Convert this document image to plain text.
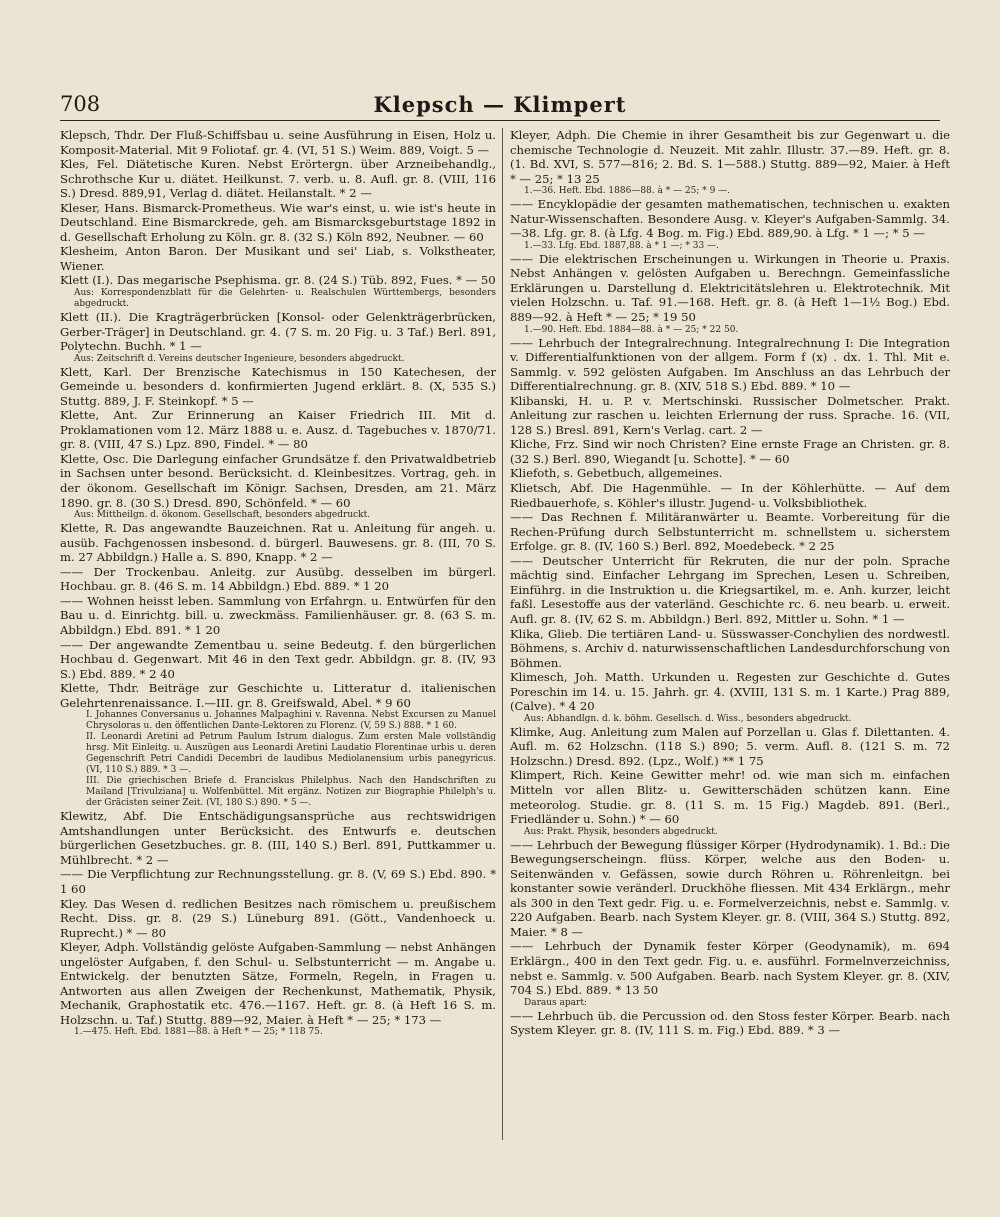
708	Klepsch — Klimpert

Klepsch, Thdr. Der Fluß-Schiffsbau u. seine Ausführung in Eisen, Holz u. Komposit-Material. Mit 9 Foliotaf. gr. 4. (VI, 51 S.) Weim. 889, Voigt. 5 —

Kles, Fel. Diätetische Kuren. Nebst Erörtergn. über Arzneibehandlg., Schrothsche Kur u. diätet. Heilkunst. 7. verb. u. 8. Aufl. gr. 8. (VIII, 116 S.) Dresd. 889,91, Verlag d. diätet. Heilanstalt. * 2 —

Kleser, Hans. Bismarck-Prometheus. Wie war's einst, u. wie ist's heute in Deutschland. Eine Bismarckrede, geh. am Bismarcksgeburtstage 1892 in d. Gesellschaft Erholung zu Köln. gr. 8. (32 S.) Köln 892, Neubner. — 60

Klesheim, Anton Baron. Der Musikant und sei' Liab, s. Volkstheater, Wiener.

Klett (I.). Das megarische Psephisma. gr. 8. (24 S.) Tüb. 892, Fues. * — 50

Aus: Korrespondenzblatt für die Gelehrten- u. Realschulen Württembergs, besonders abgedruckt.

Klett (II.). Die Kragträgerbrücken [Konsol- oder Gelenkträgerbrücken, Gerber-Träger] in Deutschland. gr. 4. (7 S. m. 20 Fig. u. 3 Taf.) Berl. 891, Polytechn. Buchh. * 1 —

Aus: Zeitschrift d. Vereins deutscher Ingenieure, besonders abgedruckt.

Klett, Karl. Der Brenzische Katechismus in 150 Katechesen, der Gemeinde u. besonders d. konfirmierten Jugend erklärt. 8. (X, 535 S.) Stuttg. 889, J. F. Steinkopf. * 5 —

Klette, Ant. Zur Erinnerung an Kaiser Friedrich III. Mit d. Proklamationen vom 12. März 1888 u. e. Ausz. d. Tagebuches v. 1870/71. gr. 8. (VIII, 47 S.) Lpz. 890, Findel. * — 80

Klette, Osc. Die Darlegung einfacher Grundsätze f. den Privatwaldbetrieb in Sachsen unter besond. Berücksicht. d. Kleinbesitzes. Vortrag, geh. in der ökonom. Gesellschaft im Königr. Sachsen, Dresden, am 21. März 1890. gr. 8. (30 S.) Dresd. 890, Schönfeld. * — 60

Aus: Mittheilgn. d. ökonom. Gesellschaft, besonders abgedruckt.

Klette, R. Das angewandte Bauzeichnen. Rat u. Anleitung für angeh. u. ausüb. Fachgenossen insbesond. d. bürgerl. Bauwesens. gr. 8. (III, 70 S. m. 27 Abbildgn.) Halle a. S. 890, Knapp. * 2 —

—— Der Trockenbau. Anleitg. zur Ausübg. desselben im bürgerl. Hochbau. gr. 8. (46 S. m. 14 Abbildgn.) Ebd. 889. * 1 20

—— Wohnen heisst leben. Sammlung von Erfahrgn. u. Entwürfen für den Bau u. d. Einrichtg. bill. u. zweckmäss. Familienhäuser. gr. 8. (63 S. m. Abbildgn.) Ebd. 891. * 1 20

—— Der angewandte Zementbau u. seine Bedeutg. f. den bürgerlichen Hochbau d. Gegenwart. Mit 46 in den Text gedr. Abbildgn. gr. 8. (IV, 93 S.) Ebd. 889. * 2 40

Klette, Thdr. Beiträge zur Geschichte u. Litteratur d. italienischen Gelehrtenrenaissance. I.—III. gr. 8. Greifswald, Abel. * 9 60

I. Johannes Conversanus u. Johannes Malpaghini v. Ravenna. Nebst Excursen zu Manuel Chrysoloras u. den öffentlichen Dante-Lektoren zu Florenz. (V, 59 S.) 888. * 1 60.

II. Leonardi Aretini ad Petrum Paulum Istrum dialogus. Zum ersten Male vollständig hrsg. Mit Einleitg. u. Auszügen aus Leonardi Aretini Laudatio Florentinae urbis u. deren Gegenschrift Petri Candidi Decembri de laudibus Mediolanensium urbis panegyricus. (VI, 110 S.) 889. * 3 —.

III. Die griechischen Briefe d. Franciskus Philelphus. Nach den Handschriften zu Mailand [Trivulziana] u. Wolfenbüttel. Mit ergänz. Notizen zur Biographie Philelph's u. der Gräcisten seiner Zeit. (VI, 180 S.) 890. * 5 —.

Klewitz, Abf. Die Entschädigungsansprüche aus rechtswidrigen Amtshandlungen unter Berücksicht. des Entwurfs e. deutschen bürgerlichen Gesetzbuches. gr. 8. (III, 140 S.) Berl. 891, Puttkammer u. Mühlbrecht. * 2 —

—— Die Verpflichtung zur Rechnungsstellung. gr. 8. (V, 69 S.) Ebd. 890. * 1 60

Kley. Das Wesen d. redlichen Besitzes nach römischem u. preußischem Recht. Diss. gr. 8. (29 S.) Lüneburg 891. (Gött., Vandenhoeck u. Ruprecht.) * — 80

Kleyer, Adph. Vollständig gelöste Aufgaben-Sammlung — nebst Anhängen ungelöster Aufgaben, f. den Schul- u. Selbstunterricht — m. Angabe u. Entwickelg. der benutzten Sätze, Formeln, Regeln, in Fragen u. Antworten aus allen Zweigen der Rechenkunst, Mathematik, Physik, Mechanik, Graphostatik etc. 476.—1167. Heft. gr. 8. (à Heft 16 S. m. Holzschn. u. Taf.) Stuttg. 889—92, Maier. à Heft * — 25; * 173 —

1.—475. Heft. Ebd. 1881—88. à Heft * — 25; * 118 75.

Kleyer, Adph. Die Chemie in ihrer Gesamtheit bis zur Gegenwart u. die chemische Technologie d. Neuzeit. Mit zahlr. Illustr. 37.—89. Heft. gr. 8. (1. Bd. XVI, S. 577—816; 2. Bd. S. 1—588.) Stuttg. 889—92, Maier. à Heft * — 25; * 13 25

1.—36. Heft. Ebd. 1886—88. à * — 25; * 9 —.

—— Encyklopädie der gesamten mathematischen, technischen u. exakten Natur-Wissenschaften. Besondere Ausg. v. Kleyer's Aufgaben-Sammlg. 34.—38. Lfg. gr. 8. (à Lfg. 4 Bog. m. Fig.) Ebd. 889,90. à Lfg. * 1 —; * 5 —

1.—33. Lfg. Ebd. 1887,88. à * 1 —; * 33 —.

—— Die elektrischen Erscheinungen u. Wirkungen in Theorie u. Praxis. Nebst Anhängen v. gelösten Aufgaben u. Berechngn. Gemeinfassliche Erklärungen u. Darstellung d. Elektricitätslehren u. Elektrotechnik. Mit vielen Holzschn. u. Taf. 91.—168. Heft. gr. 8. (à Heft 1—1½ Bog.) Ebd. 889—92. à Heft * — 25; * 19 50

1.—90. Heft. Ebd. 1884—88. à * — 25; * 22 50.

—— Lehrbuch der Integralrechnung. Integralrechnung I: Die Integration v. Differentialfunktionen von der allgem. Form f (x) . dx. 1. Thl. Mit e. Sammlg. v. 592 gelösten Aufgaben. Im Anschluss an das Lehrbuch der Differentialrechnung. gr. 8. (XIV, 518 S.) Ebd. 889. * 10 —

Klibanski, H. u. P. v. Mertschinski. Russischer Dolmetscher. Prakt. Anleitung zur raschen u. leichten Erlernung der russ. Sprache. 16. (VII, 128 S.) Bresl. 891, Kern's Verlag. cart. 2 —

Kliche, Frz. Sind wir noch Christen? Eine ernste Frage an Christen. gr. 8. (32 S.) Berl. 890, Wiegandt [u. Schotte]. * — 60

Kliefoth, s. Gebetbuch, allgemeines.

Klietsch, Abf. Die Hagenmühle. — In der Köhlerhütte. — Auf dem Riedbauerhofe, s. Köhler's illustr. Jugend- u. Volksbibliothek.

—— Das Rechnen f. Militäranwärter u. Beamte. Vorbereitung für die Rechen-Prüfung durch Selbstunterricht m. schnellstem u. sicherstem Erfolge. gr. 8. (IV, 160 S.) Berl. 892, Moedebeck. * 2 25

—— Deutscher Unterricht für Rekruten, die nur der poln. Sprache mächtig sind. Einfacher Lehrgang im Sprechen, Lesen u. Schreiben, Einführg. in die Instruktion u. die Kriegsartikel, m. e. Anh. kurzer, leicht faßl. Lesestoffe aus der vaterländ. Geschichte rc. 6. neu bearb. u. erweit. Aufl. gr. 8. (IV, 62 S. m. Abbildgn.) Berl. 892, Mittler u. Sohn. * 1 —

Klika, Glieb. Die tertiären Land- u. Süsswasser-Conchylien des nordwestl. Böhmens, s. Archiv d. naturwissenschaftlichen Landesdurchforschung von Böhmen.

Klimesch, Joh. Matth. Urkunden u. Regesten zur Geschichte d. Gutes Poreschin im 14. u. 15. Jahrh. gr. 4. (XVIII, 131 S. m. 1 Karte.) Prag 889, (Calve). * 4 20

Aus: Abhandlgn. d. k. böhm. Gesellsch. d. Wiss., besonders abgedruckt.

Klimke, Aug. Anleitung zum Malen auf Porzellan u. Glas f. Dilettanten. 4. Aufl. m. 62 Holzschn. (118 S.) 890; 5. verm. Aufl. 8. (121 S. m. 72 Holzschn.) Dresd. 892. (Lpz., Wolf.) ** 1 75

Klimpert, Rich. Keine Gewitter mehr! od. wie man sich m. einfachen Mitteln vor allen Blitz- u. Gewitterschäden schützen kann. Eine meteorolog. Studie. gr. 8. (11 S. m. 15 Fig.) Magdeb. 891. (Berl., Friedländer u. Sohn.) * — 60

Aus: Prakt. Physik, besonders abgedruckt.

—— Lehrbuch der Bewegung flüssiger Körper (Hydrodynamik). 1. Bd.: Die Bewegungserscheingn. flüss. Körper, welche aus den Boden- u. Seitenwänden v. Gefässen, sowie durch Röhren u. Röhrenleitgn. bei konstanter sowie veränderl. Druckhöhe fliessen. Mit 434 Erklärgn., mehr als 300 in den Text gedr. Fig. u. e. Formelverzeichnis, nebst e. Sammlg. v. 220 Aufgaben. Bearb. nach System Kleyer. gr. 8. (VIII, 364 S.) Stuttg. 892, Maier. * 8 —

—— Lehrbuch der Dynamik fester Körper (Geodynamik), m. 694 Erklärgn., 400 in den Text gedr. Fig. u. e. ausführl. Formelnverzeichniss, nebst e. Sammlg. v. 500 Aufgaben. Bearb. nach System Kleyer. gr. 8. (XIV, 704 S.) Ebd. 889. * 13 50

Daraus apart:

—— Lehrbuch üb. die Percussion od. den Stoss fester Körper. Bearb. nach System Kleyer. gr. 8. (IV, 111 S. m. Fig.) Ebd. 889. * 3 —
